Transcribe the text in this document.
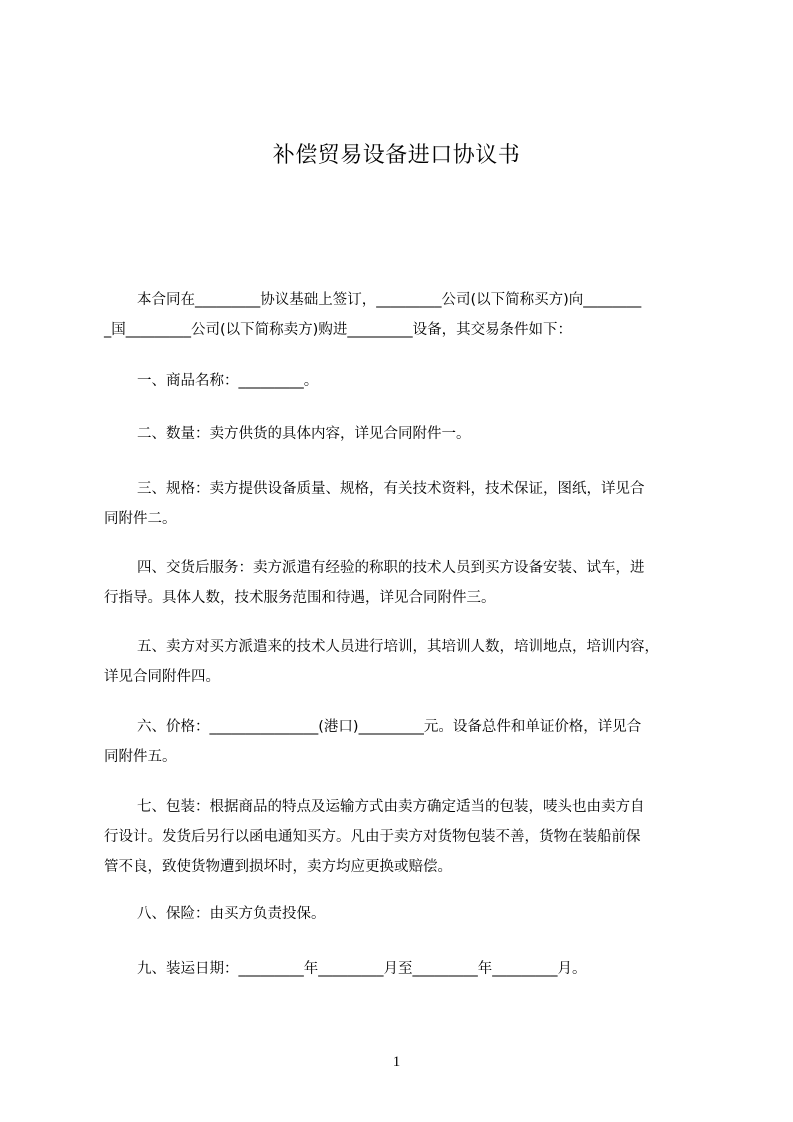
补偿贸易设备进口协议书
本合同在_________协议基础上签订，_________公司(以下简称买方)向________
_国_________公司(以下简称卖方)购进_________设备，其交易条件如下：
一、商品名称：_________。
二、数量：卖方供货的具体内容，详见合同附件一。
三、规格：卖方提供设备质量、规格，有关技术资料，技术保证，图纸，详见合
同附件二。
四、交货后服务：卖方派遣有经验的称职的技术人员到买方设备安装、试车，进
行指导。具体人数，技术服务范围和待遇，详见合同附件三。
五、卖方对买方派遣来的技术人员进行培训，其培训人数，培训地点，培训内容，
详见合同附件四。
六、价格：_______________(港口)_________元。设备总件和单证价格，详见合
同附件五。
七、包装：根据商品的特点及运输方式由卖方确定适当的包装，唛头也由卖方自
行设计。发货后另行以函电通知买方。凡由于卖方对货物包装不善，货物在装船前保
管不良，致使货物遭到损坏时，卖方均应更换或赔偿。
八、保险：由买方负责投保。
九、装运日期：_________年_________月至_________年_________月。
1
